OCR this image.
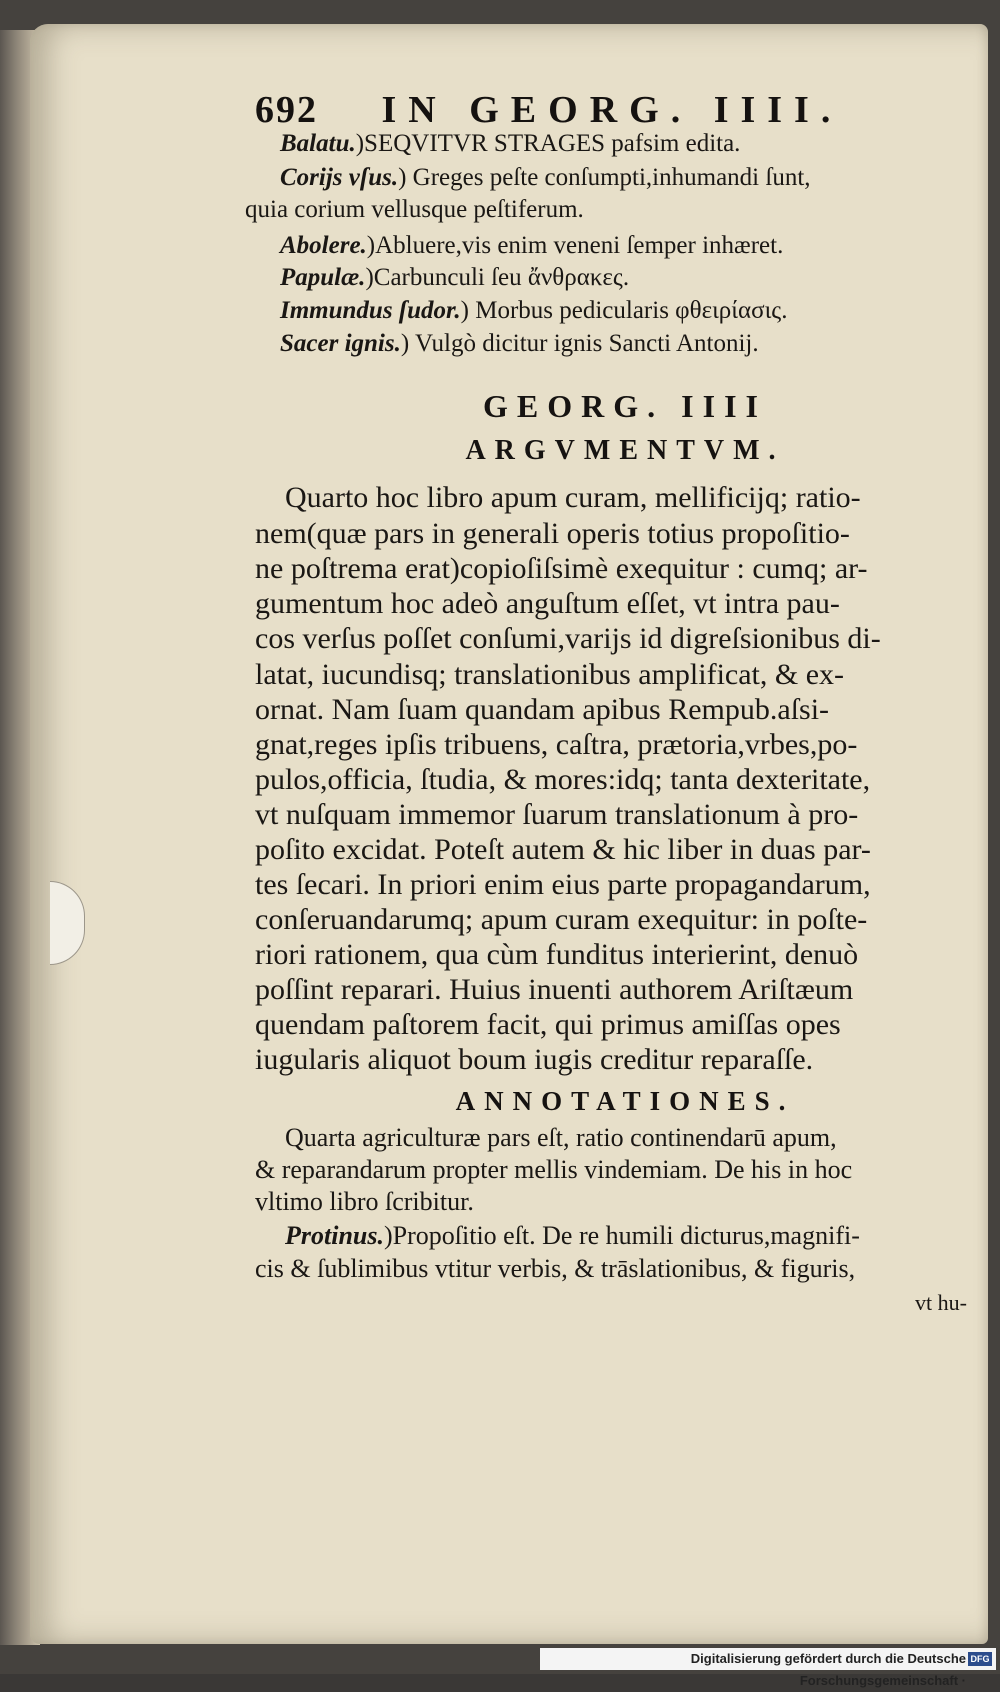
692 IN GEORG. IIII.
Balatu.)SEQVITVR STRAGES pafsim edita.
Corijs vſus.) Greges peſte conſumpti,inhumandi ſunt,
quia corium vellusque peſtiferum.
Abolere.)Abluere,vis enim veneni ſemper inhæret.
Papulæ.)Carbunculi ſeu ἄνθρακες.
Immundus ſudor.) Morbus pedicularis φθειρίασις.
Sacer ignis.) Vulgò dicitur ignis Sancti Antonij.
GEORG. IIII
ARGVMENTVM.
Quarto hoc libro apum curam, mellificijq; ratio-
nem(quæ pars in generali operis totius propoſitio-
ne poſtrema erat)copioſiſsimè exequitur : cumq; ar-
gumentum hoc adeò anguſtum eſſet, vt intra pau-
cos verſus poſſet conſumi,varijs id digreſsionibus di-
latat, iucundisq; translationibus amplificat, & ex-
ornat. Nam ſuam quandam apibus Rempub.aſsi-
gnat,reges ipſis tribuens, caſtra, prætoria,vrbes,po-
pulos,officia, ſtudia, & mores:idq; tanta dexteritate,
vt nuſquam immemor ſuarum translationum à pro-
poſito excidat. Poteſt autem & hic liber in duas par-
tes ſecari. In priori enim eius parte propagandarum,
conſeruandarumq; apum curam exequitur: in poſte-
riori rationem, qua cùm funditus interierint, denuò
poſſint reparari. Huius inuenti authorem Ariſtæum
quendam paſtorem facit, qui primus amiſſas opes
iugularis aliquot boum iugis creditur reparaſſe.
ANNOTATIONES.
Quarta agriculturæ pars eſt, ratio continendarū apum,
& reparandarum propter mellis vindemiam. De his in hoc
vltimo libro ſcribitur.
Protinus.)Propoſitio eſt. De re humili dicturus,magnifi-
cis & ſublimibus vtitur verbis, & trāslationibus, & figuris,
vt hu-
Digitalisierung gefördert durch die Deutsche Forschungsgemeinschaft ·
DFG
